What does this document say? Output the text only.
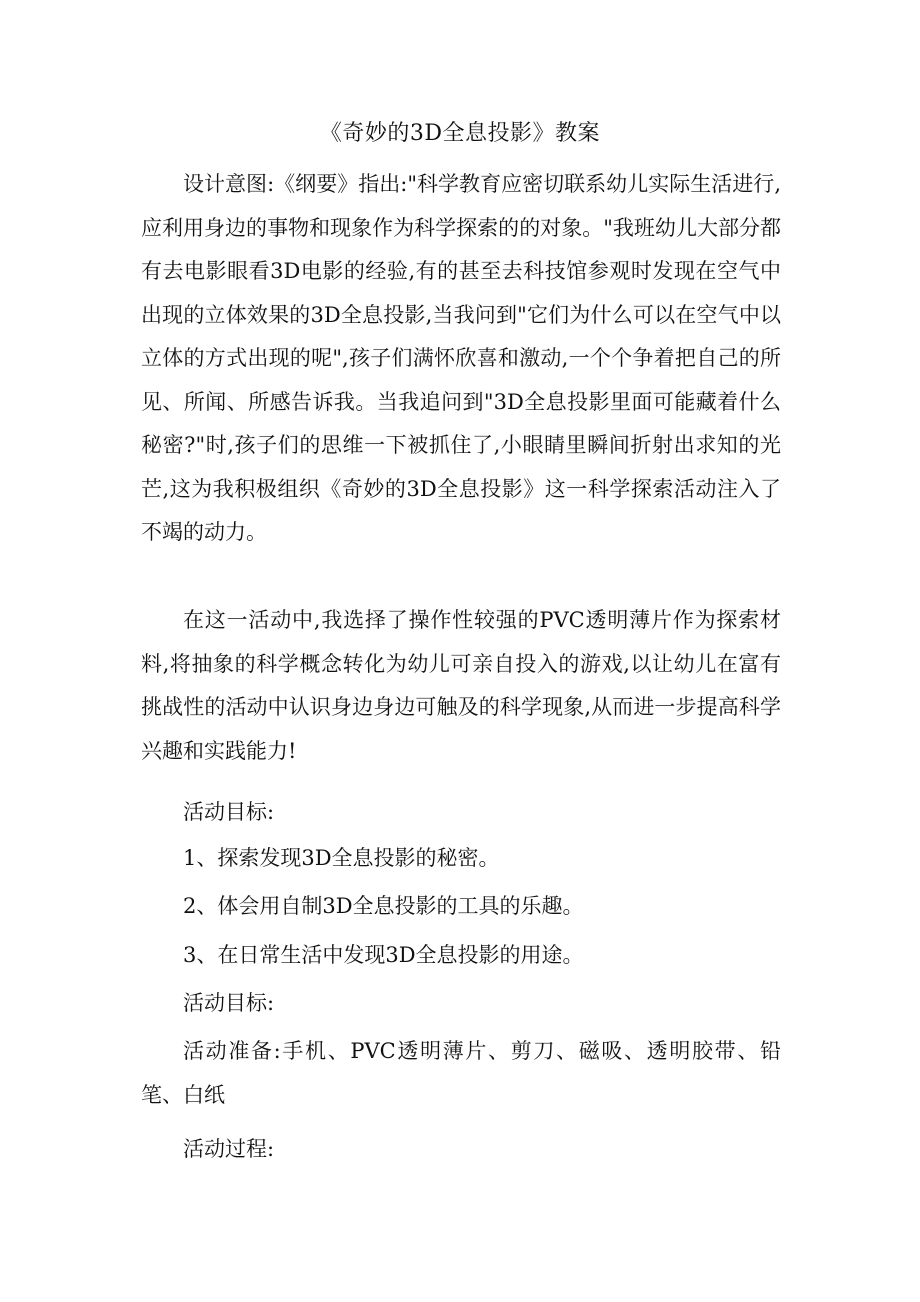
《奇妙的3D全息投影》教案
设计意图:《纲要》指出:"科学教育应密切联系幼儿实际生活进行,应利用身边的事物和现象作为科学探索的的对象。"我班幼儿大部分都有去电影眼看3D电影的经验,有的甚至去科技馆参观时发现在空气中出现的立体效果的3D全息投影,当我问到"它们为什么可以在空气中以立体的方式出现的呢",孩子们满怀欣喜和激动,一个个争着把自己的所见、所闻、所感告诉我。当我追问到"3D全息投影里面可能藏着什么秘密?"时,孩子们的思维一下被抓住了,小眼睛里瞬间折射出求知的光芒,这为我积极组织《奇妙的3D全息投影》这一科学探索活动注入了不竭的动力。
在这一活动中,我选择了操作性较强的PVC透明薄片作为探索材料,将抽象的科学概念转化为幼儿可亲自投入的游戏,以让幼儿在富有挑战性的活动中认识身边身边可触及的科学现象,从而进一步提高科学兴趣和实践能力!
活动目标:
1、探索发现3D全息投影的秘密。
2、体会用自制3D全息投影的工具的乐趣。
3、在日常生活中发现3D全息投影的用途。
活动目标:
活动准备:手机、PVC透明薄片、剪刀、磁吸、透明胶带、铅笔、白纸
活动过程:
